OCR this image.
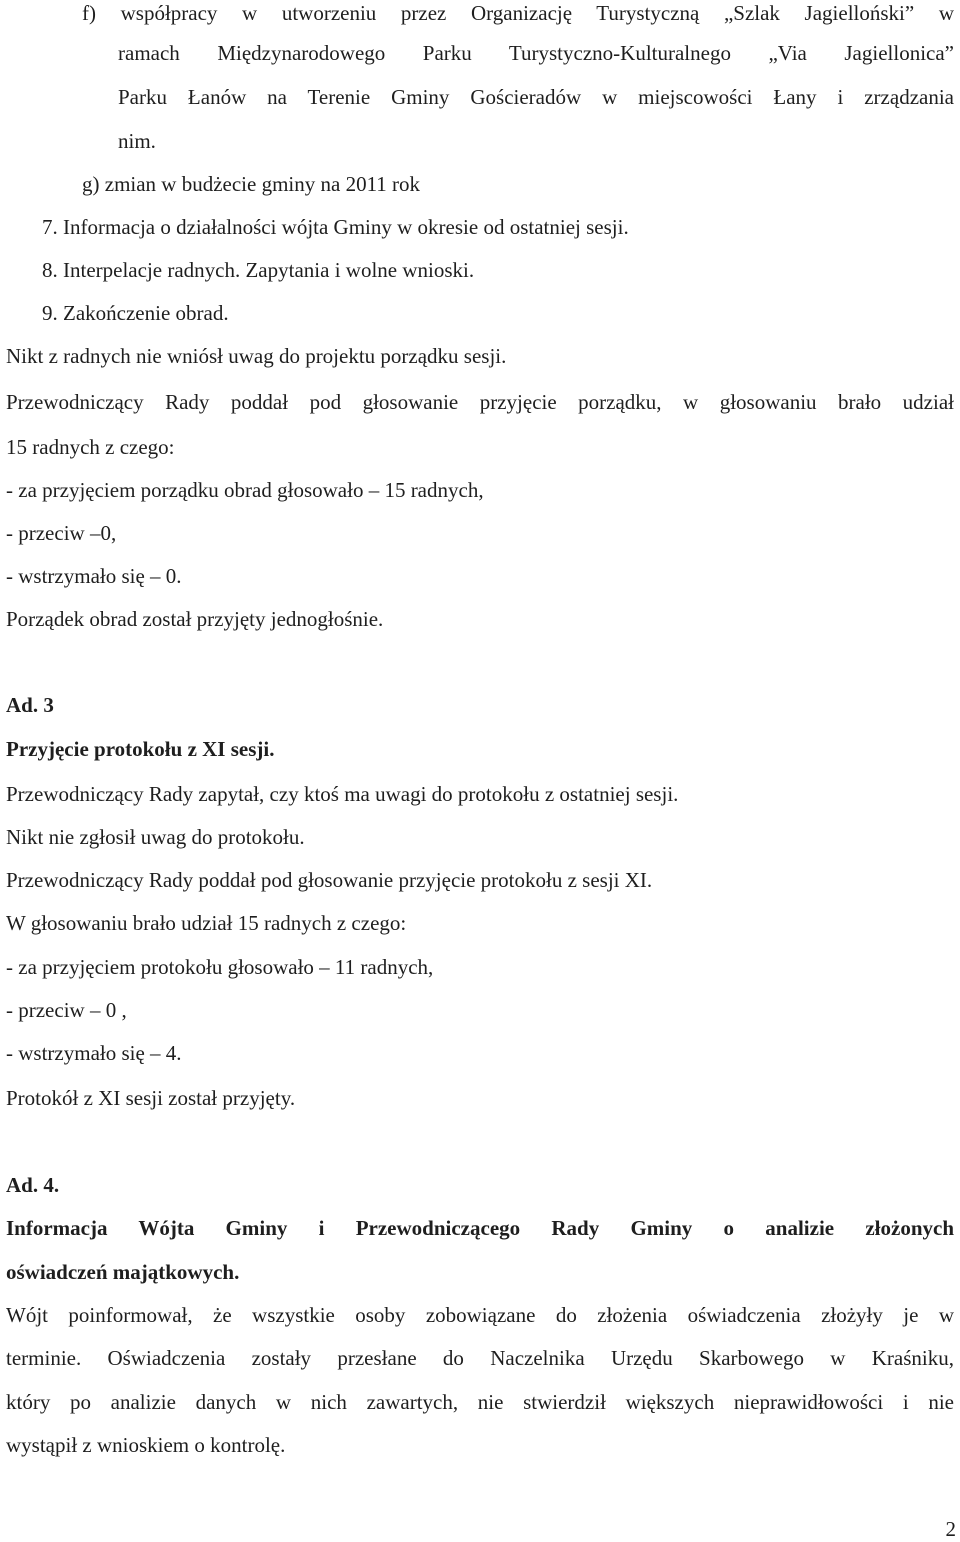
f) współpracy w utworzeniu przez Organizację Turystyczną „Szlak Jagielloński” w
ramach Międzynarodowego Parku Turystyczno-Kulturalnego „Via Jagiellonica”
Parku Łanów na Terenie Gminy Gościeradów w miejscowości Łany i zrządzania
nim.
g) zmian w budżecie gminy na 2011 rok
7. Informacja o działalności wójta Gminy w okresie od ostatniej sesji.
8. Interpelacje radnych. Zapytania i wolne wnioski.
9. Zakończenie obrad.
Nikt z radnych nie wniósł uwag do projektu porządku sesji.
Przewodniczący Rady poddał pod głosowanie przyjęcie porządku, w głosowaniu brało udział
15 radnych z czego:
- za przyjęciem porządku obrad głosowało – 15 radnych,
- przeciw –0,
- wstrzymało się – 0.
Porządek obrad został przyjęty jednogłośnie.
Ad. 3
Przyjęcie protokołu z XI sesji.
Przewodniczący Rady zapytał, czy ktoś ma uwagi do protokołu z ostatniej sesji.
Nikt nie zgłosił uwag do protokołu.
Przewodniczący Rady poddał pod głosowanie przyjęcie protokołu z sesji XI.
W głosowaniu brało udział 15 radnych z czego:
- za przyjęciem protokołu głosowało – 11 radnych,
- przeciw – 0 ,
- wstrzymało się – 4.
Protokół z XI sesji został przyjęty.
Ad. 4.
Informacja Wójta Gminy i Przewodniczącego Rady Gminy o analizie złożonych
oświadczeń majątkowych.
Wójt poinformował, że wszystkie osoby zobowiązane do złożenia oświadczenia złożyły je w
terminie. Oświadczenia zostały przesłane do Naczelnika Urzędu Skarbowego w Kraśniku,
który po analizie danych w nich zawartych, nie stwierdził większych nieprawidłowości i nie
wystąpił z wnioskiem o kontrolę.
2
